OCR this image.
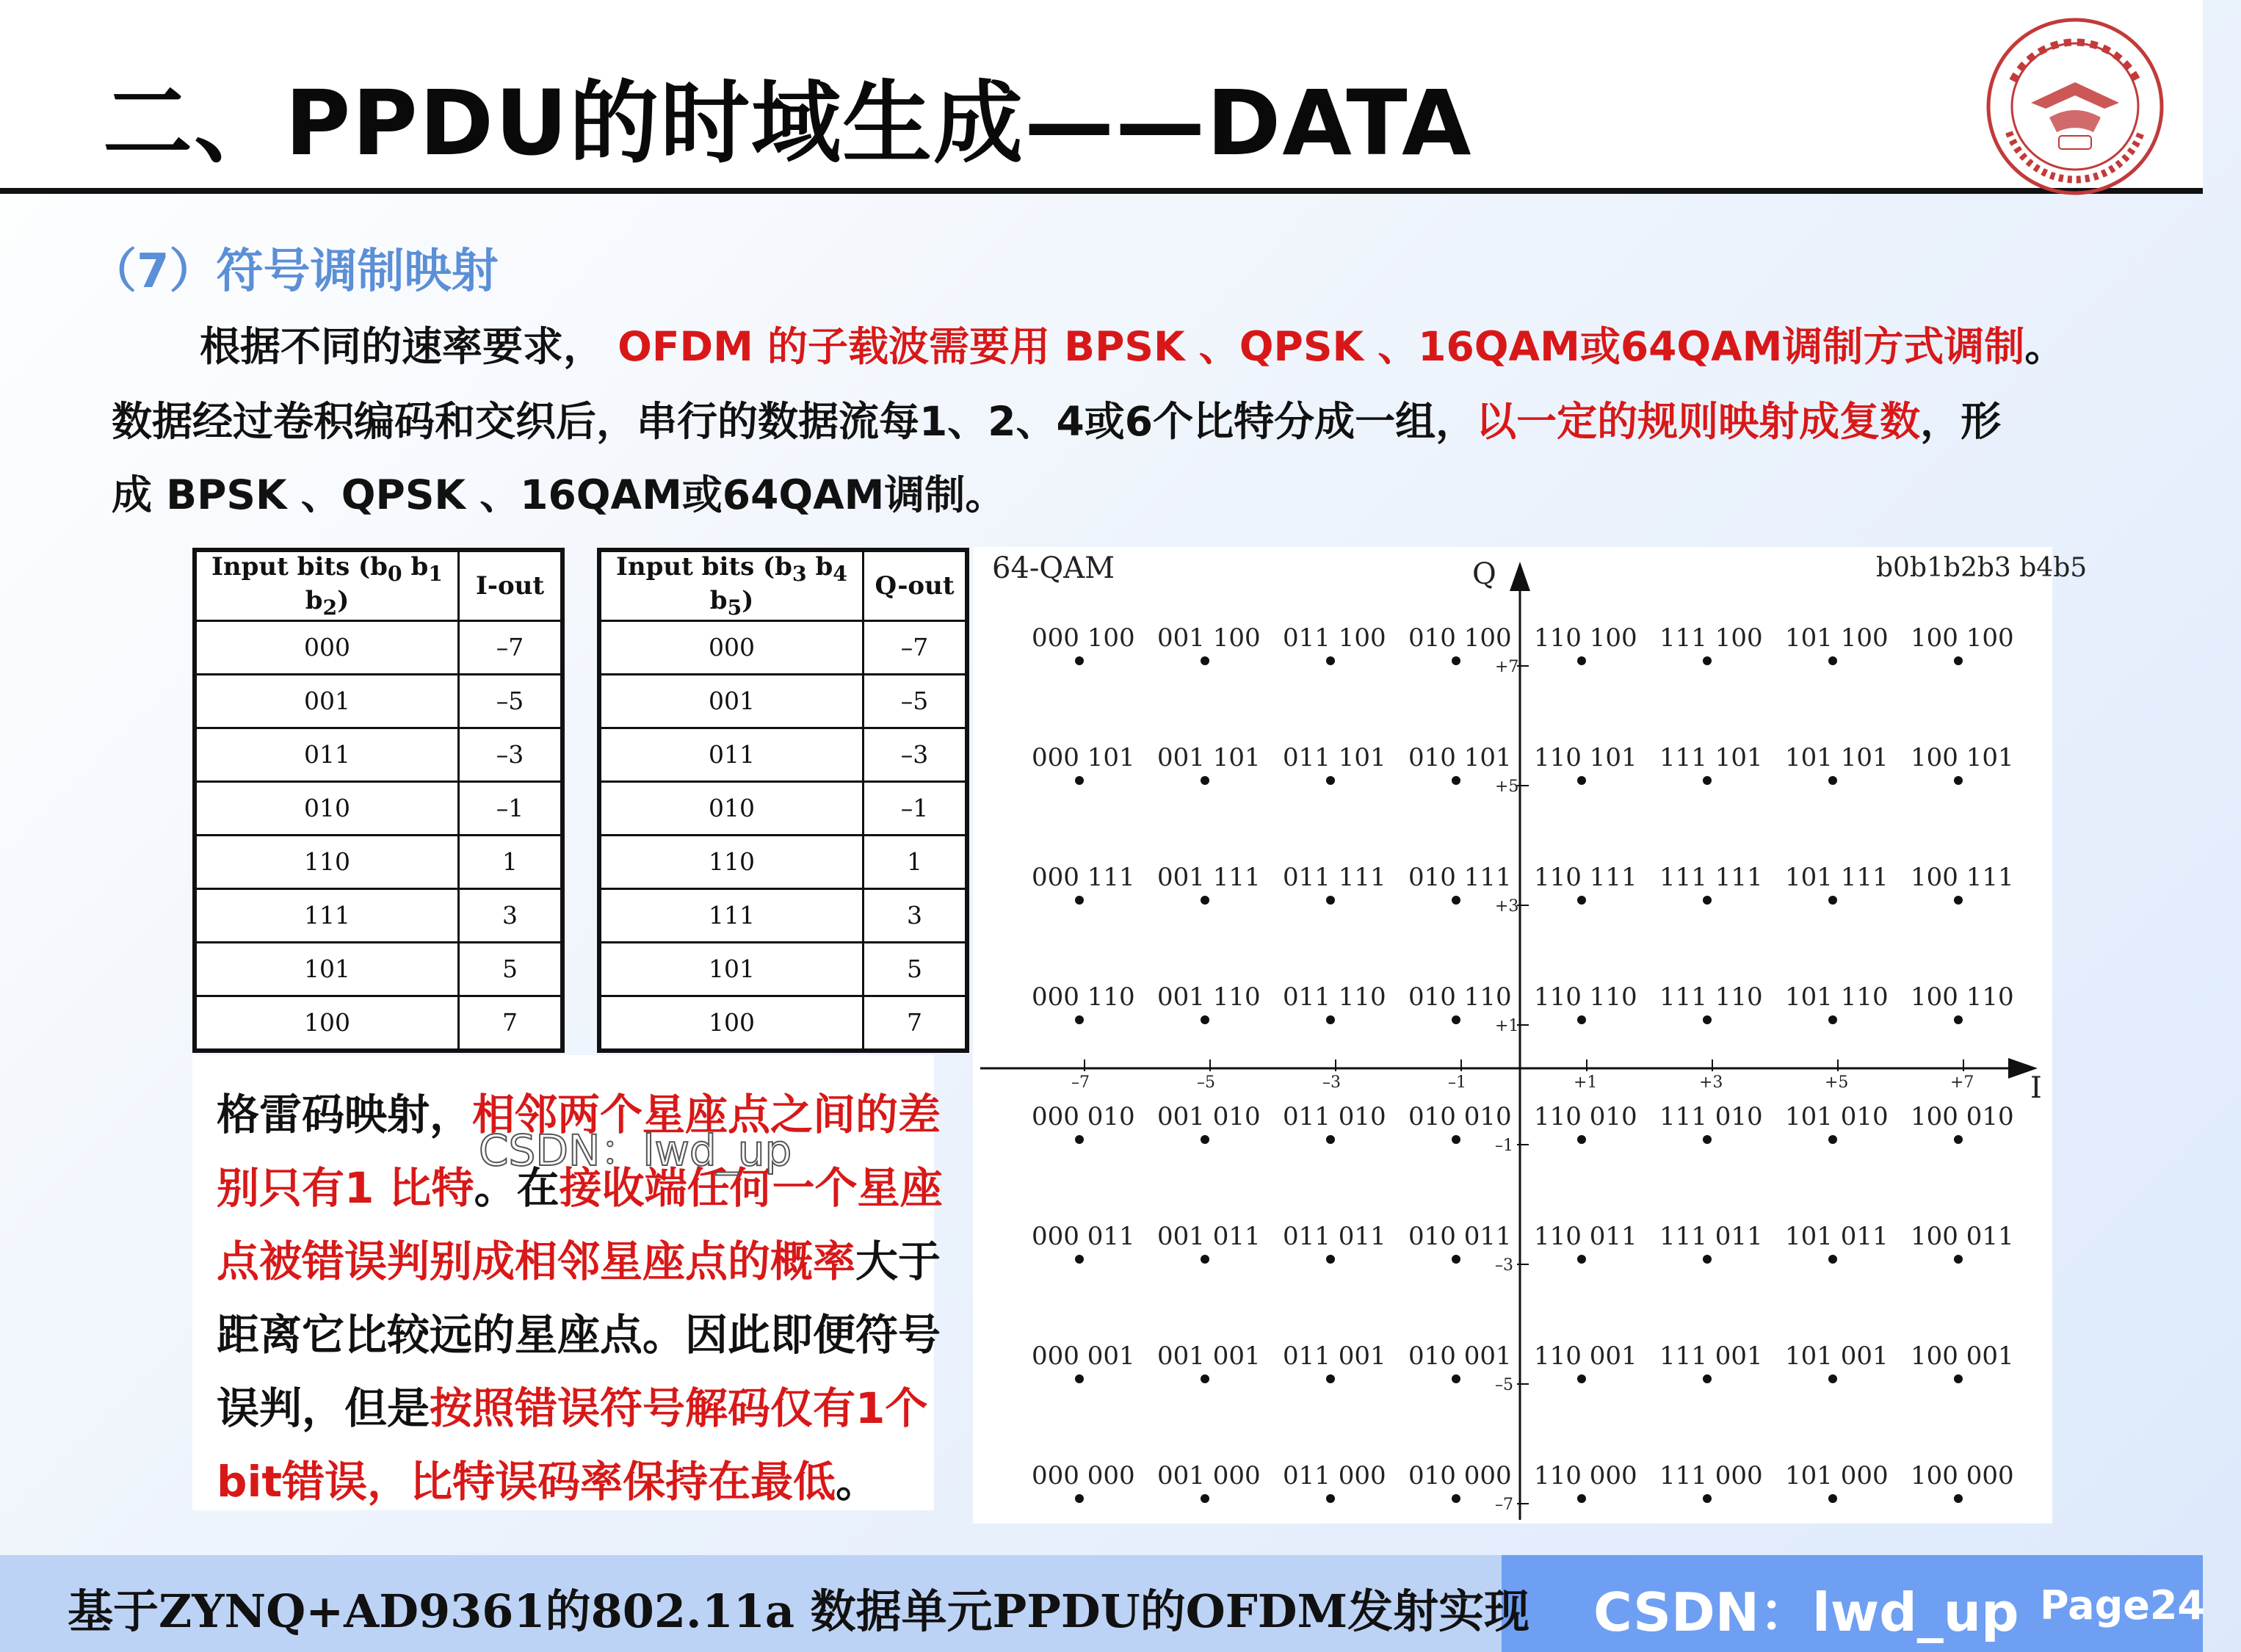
二、PPDU的时域生成——DATA
（7）符号调制映射
根据不同的速率要求， OFDM 的子载波需要用 BPSK 、QPSK 、16QAM或64QAM调制方式调制。
数据经过卷积编码和交织后，串行的数据流每1、2、4或6个比特分成一组，以一定的规则映射成复数，形
成 BPSK 、QPSK 、16QAM或64QAM调制。
Input bits ($b_0$ $b_1$ $b_2$)	I-out
000	–7
001	–5
011	–3
010	–1
110	1
111	3
101	5
100	7
Input bits ($b_3$ $b_4$ $b_5$)	Q-out
000	–7
001	–5
011	–3
010	–1
110	1
111	3
101	5
100	7
格雷码映射，相邻两个星座点之间的差别只有1 比特。在接收端任何一个星座点被错误判别成相邻星座点的概率大于距离它比较远的星座点。因此即便符号误判，但是按照错误符号解码仅有1个bit错误，比特误码率保持在最低。
CSDN：lwd_up
64-QAM	Q
I
b0b1b2b3 b4b5
–7	–5	–3	–1	+1	+3	+5	+7
+7
+5
+3
+1
–1
–3
–5
–7
000 100 001 100 011 100 010 100 110 100 111 100 101 100 100 100
000 101 001 101 011 101 010 101 110 101 111 101 101 101 100 101
000 111 001 111 011 111 010 111 110 111 111 111 101 111 100 111
000 110 001 110 011 110 010 110 110 110 111 110 101 110 100 110
000 010 001 010 011 010 010 010 110 010 111 010 101 010 100 010
000 011 001 011 011 011 010 011 110 011 111 011 101 011 100 011
000 001 001 001 011 001 010 001 110 001 111 001 101 001 100 001
000 000 001 000 011 000 010 000 110 000 111 000 101 000 100 000
基于ZYNQ+AD9361的802.11a 数据单元PPDU的OFDM发射实现 CSDN：lwd_up Page24
